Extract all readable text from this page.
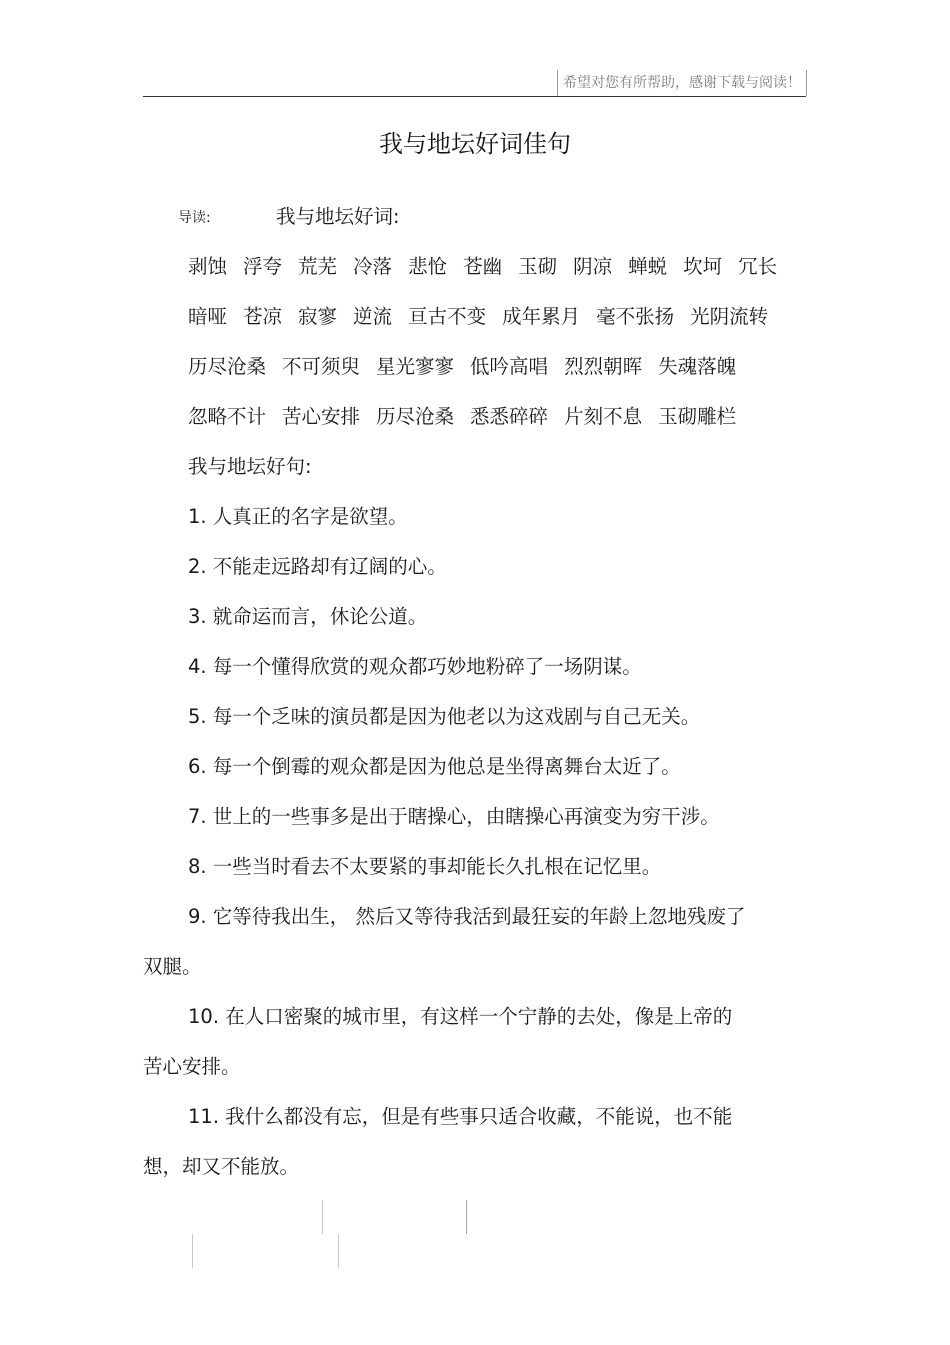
希望对您有所帮助，感谢下载与阅读！
我与地坛好词佳句
导读:	我与地坛好词:
剥蚀 浮夸 荒芜 冷落 悲怆 苍幽 玉砌 阴凉 蝉蜕 坎坷 冗长
暗哑 苍凉 寂寥 逆流 亘古不变 成年累月 毫不张扬 光阴流转
历尽沧桑 不可须臾 星光寥寥 低吟高唱 烈烈朝晖 失魂落魄
忽略不计 苦心安排 历尽沧桑 悉悉碎碎 片刻不息 玉砌雕栏
我与地坛好句:
1. 人真正的名字是欲望。
2. 不能走远路却有辽阔的心。
3. 就命运而言，休论公道。
4. 每一个懂得欣赏的观众都巧妙地粉碎了一场阴谋。
5. 每一个乏味的演员都是因为他老以为这戏剧与自己无关。
6. 每一个倒霉的观众都是因为他总是坐得离舞台太近了。
7. 世上的一些事多是出于瞎操心，由瞎操心再演变为穷干涉。
8. 一些当时看去不太要紧的事却能长久扎根在记忆里。
9. 它等待我出生， 然后又等待我活到最狂妄的年龄上忽地残废了
双腿。
10. 在人口密聚的城市里，有这样一个宁静的去处，像是上帝的
苦心安排。
11. 我什么都没有忘，但是有些事只适合收藏，不能说，也不能
想，却又不能放。
